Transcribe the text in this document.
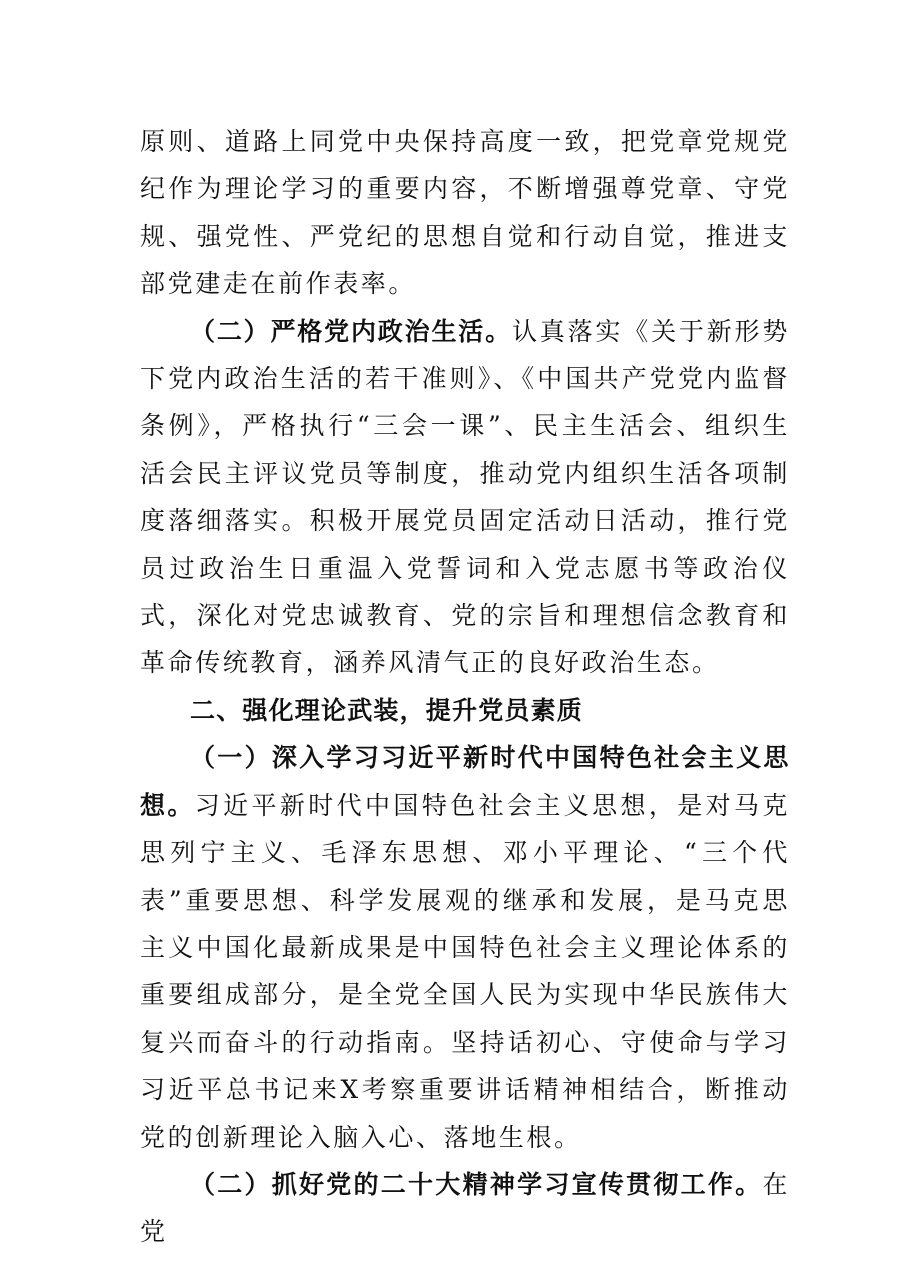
原则、道路上同党中央保持高度一致，把党章党规党纪作为理论学习的重要内容，不断增强尊党章、守党规、强党性、严党纪的思想自觉和行动自觉，推进支部党建走在前作表率。

（二）严格党内政治生活。认真落实《关于新形势下党内政治生活的若干准则》、《中国共产党党内监督条例》，严格执行“三会一课”、民主生活会、组织生活会民主评议党员等制度，推动党内组织生活各项制度落细落实。积极开展党员固定活动日活动，推行党员过政治生日重温入党誓词和入党志愿书等政治仪式，深化对党忠诚教育、党的宗旨和理想信念教育和革命传统教育，涵养风清气正的良好政治生态。

二、强化理论武装，提升党员素质

（一）深入学习习近平新时代中国特色社会主义思想。习近平新时代中国特色社会主义思想，是对马克思列宁主义、毛泽东思想、邓小平理论、“三个代表”重要思想、科学发展观的继承和发展，是马克思主义中国化最新成果是中国特色社会主义理论体系的重要组成部分，是全党全国人民为实现中华民族伟大复兴而奋斗的行动指南。坚持话初心、守使命与学习习近平总书记来X考察重要讲话精神相结合，断推动党的创新理论入脑入心、落地生根。

（二）抓好党的二十大精神学习宣传贯彻工作。在党
